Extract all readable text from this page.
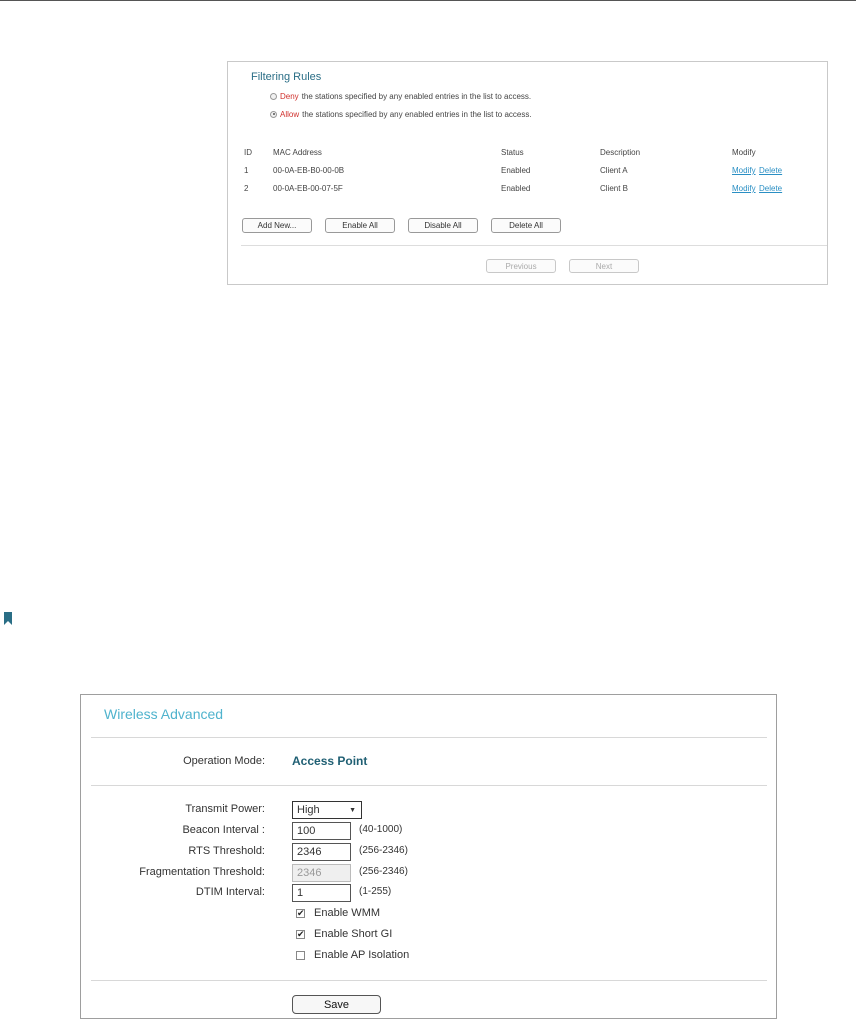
Filtering Rules
Deny the stations specified by any enabled entries in the list to access.
Allow the stations specified by any enabled entries in the list to access.
ID	MAC Address	Status	Description	Modify
1	00-0A-EB-B0-00-0B	Enabled	Client A	Modify Delete
2	00-0A-EB-00-07-5F	Enabled	Client B	Modify Delete
Add New...	Enable All	Disable All	Delete All
Previous	Next
Wireless Advanced
Operation Mode: Access Point
Transmit Power:	High	▼
Beacon Interval :	100	(40-1000)
RTS Threshold:	2346	(256-2346)
Fragmentation Threshold:	2346	(256-2346)
DTIM Interval:	1	(1-255)
✔ Enable WMM
✔ Enable Short GI
Enable AP Isolation
Save
